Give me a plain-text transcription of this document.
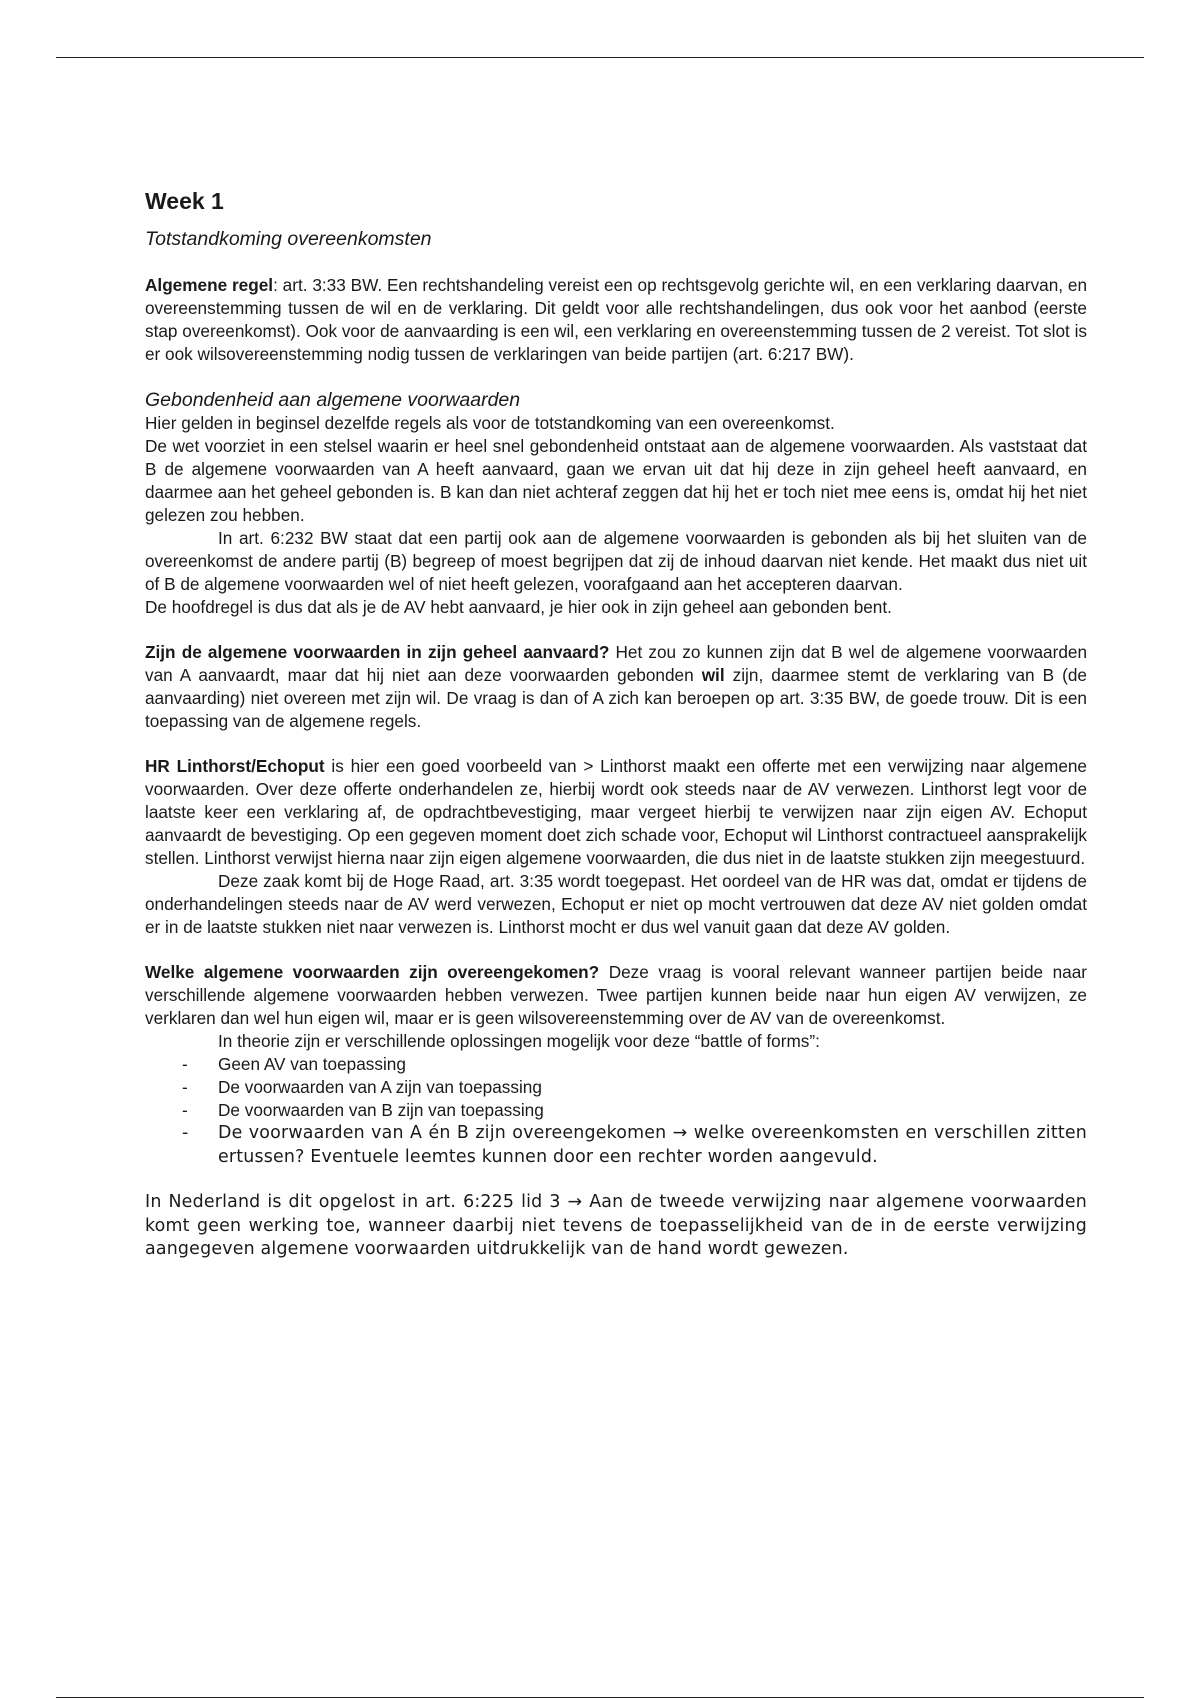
Week 1

Totstandkoming overeenkomsten

Algemene regel: art. 3:33 BW. Een rechtshandeling vereist een op rechtsgevolg gerichte wil, en een verklaring daarvan, en overeenstemming tussen de wil en de verklaring. Dit geldt voor alle rechtshandelingen, dus ook voor het aanbod (eerste stap overeenkomst). Ook voor de aanvaarding is een wil, een verklaring en overeenstemming tussen de 2 vereist. Tot slot is er ook wilsovereenstemming nodig tussen de verklaringen van beide partijen (art. 6:217 BW).

Gebondenheid aan algemene voorwaarden

Hier gelden in beginsel dezelfde regels als voor de totstandkoming van een overeenkomst.

De wet voorziet in een stelsel waarin er heel snel gebondenheid ontstaat aan de algemene voorwaarden. Als vaststaat dat B de algemene voorwaarden van A heeft aanvaard, gaan we ervan uit dat hij deze in zijn geheel heeft aanvaard, en daarmee aan het geheel gebonden is. B kan dan niet achteraf zeggen dat hij het er toch niet mee eens is, omdat hij het niet gelezen zou hebben.

In art. 6:232 BW staat dat een partij ook aan de algemene voorwaarden is gebonden als bij het sluiten van de overeenkomst de andere partij (B) begreep of moest begrijpen dat zij de inhoud daarvan niet kende. Het maakt dus niet uit of B de algemene voorwaarden wel of niet heeft gelezen, voorafgaand aan het accepteren daarvan.

De hoofdregel is dus dat als je de AV hebt aanvaard, je hier ook in zijn geheel aan gebonden bent.

Zijn de algemene voorwaarden in zijn geheel aanvaard? Het zou zo kunnen zijn dat B wel de algemene voorwaarden van A aanvaardt, maar dat hij niet aan deze voorwaarden gebonden wil zijn, daarmee stemt de verklaring van B (de aanvaarding) niet overeen met zijn wil. De vraag is dan of A zich kan beroepen op art. 3:35 BW, de goede trouw. Dit is een toepassing van de algemene regels.

HR Linthorst/Echoput is hier een goed voorbeeld van > Linthorst maakt een offerte met een verwijzing naar algemene voorwaarden. Over deze offerte onderhandelen ze, hierbij wordt ook steeds naar de AV verwezen. Linthorst legt voor de laatste keer een verklaring af, de opdrachtbevestiging, maar vergeet hierbij te verwijzen naar zijn eigen AV. Echoput aanvaardt de bevestiging. Op een gegeven moment doet zich schade voor, Echoput wil Linthorst contractueel aansprakelijk stellen. Linthorst verwijst hierna naar zijn eigen algemene voorwaarden, die dus niet in de laatste stukken zijn meegestuurd.

Deze zaak komt bij de Hoge Raad, art. 3:35 wordt toegepast. Het oordeel van de HR was dat, omdat er tijdens de onderhandelingen steeds naar de AV werd verwezen, Echoput er niet op mocht vertrouwen dat deze AV niet golden omdat er in de laatste stukken niet naar verwezen is. Linthorst mocht er dus wel vanuit gaan dat deze AV golden.

Welke algemene voorwaarden zijn overeengekomen? Deze vraag is vooral relevant wanneer partijen beide naar verschillende algemene voorwaarden hebben verwezen. Twee partijen kunnen beide naar hun eigen AV verwijzen, ze verklaren dan wel hun eigen wil, maar er is geen wilsovereenstemming over de AV van de overeenkomst.

In theorie zijn er verschillende oplossingen mogelijk voor deze “battle of forms”:

- Geen AV van toepassing
- De voorwaarden van A zijn van toepassing
- De voorwaarden van B zijn van toepassing
- De voorwaarden van A én B zijn overeengekomen → welke overeenkomsten en verschillen zitten ertussen? Eventuele leemtes kunnen door een rechter worden aangevuld.

In Nederland is dit opgelost in art. 6:225 lid 3 → Aan de tweede verwijzing naar algemene voorwaarden komt geen werking toe, wanneer daarbij niet tevens de toepasselijkheid van de in de eerste verwijzing aangegeven algemene voorwaarden uitdrukkelijk van de hand wordt gewezen.
